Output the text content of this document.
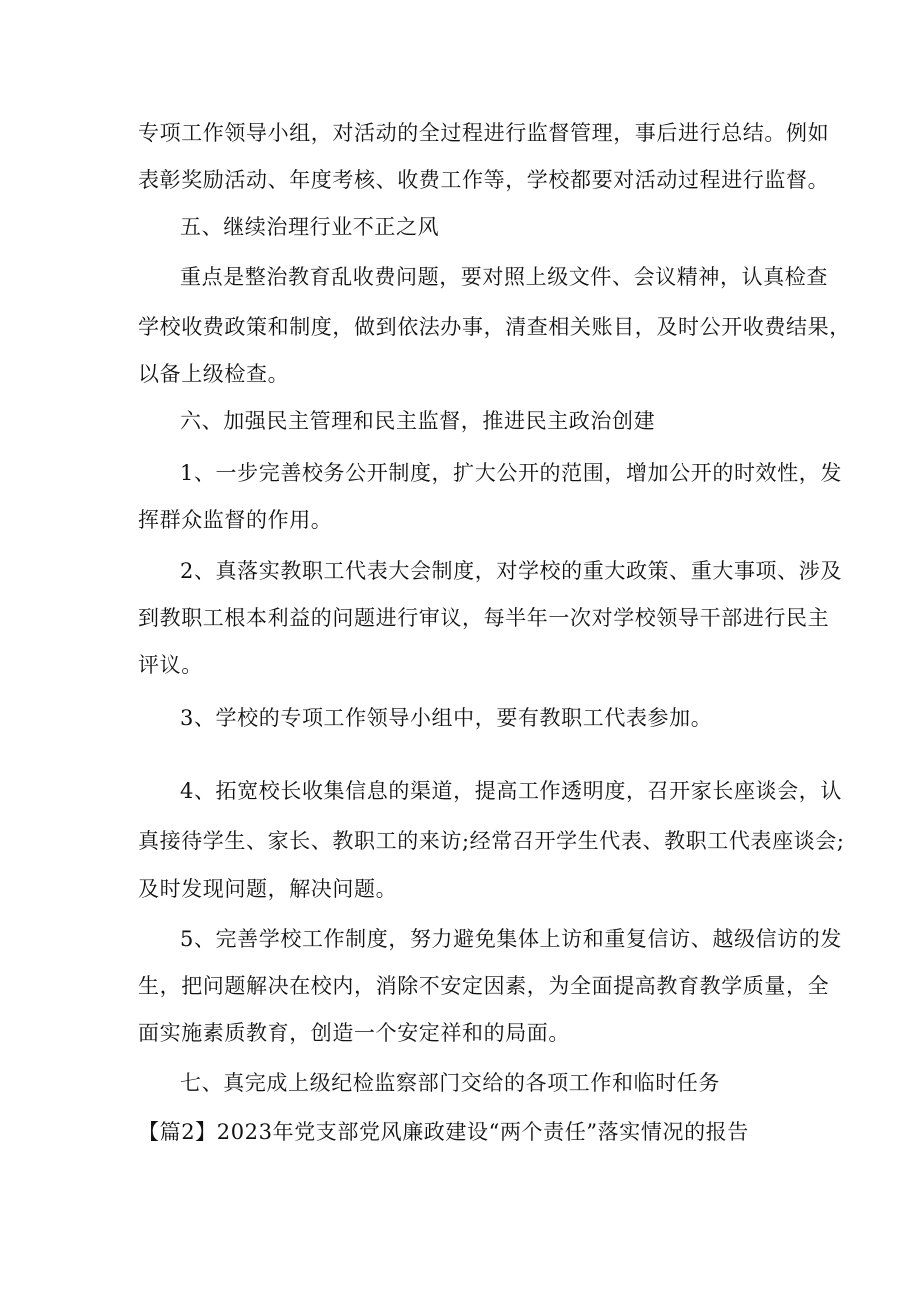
专项工作领导小组，对活动的全过程进行监督管理，事后进行总结。例如
表彰奖励活动、年度考核、收费工作等，学校都要对活动过程进行监督。
五、继续治理行业不正之风
重点是整治教育乱收费问题，要对照上级文件、会议精神，认真检查
学校收费政策和制度，做到依法办事，清查相关账目，及时公开收费结果，
以备上级检查。
六、加强民主管理和民主监督，推进民主政治创建
1、一步完善校务公开制度，扩大公开的范围，增加公开的时效性，发
挥群众监督的作用。
2、真落实教职工代表大会制度，对学校的重大政策、重大事项、涉及
到教职工根本利益的问题进行审议，每半年一次对学校领导干部进行民主
评议。
3、学校的专项工作领导小组中，要有教职工代表参加。
4、拓宽校长收集信息的渠道，提高工作透明度，召开家长座谈会，认
真接待学生、家长、教职工的来访;经常召开学生代表、教职工代表座谈会;
及时发现问题，解决问题。
5、完善学校工作制度，努力避免集体上访和重复信访、越级信访的发
生，把问题解决在校内，消除不安定因素，为全面提高教育教学质量，全
面实施素质教育，创造一个安定祥和的局面。
七、真完成上级纪检监察部门交给的各项工作和临时任务
【篇2】2023年党支部党风廉政建设“两个责任”落实情况的报告
